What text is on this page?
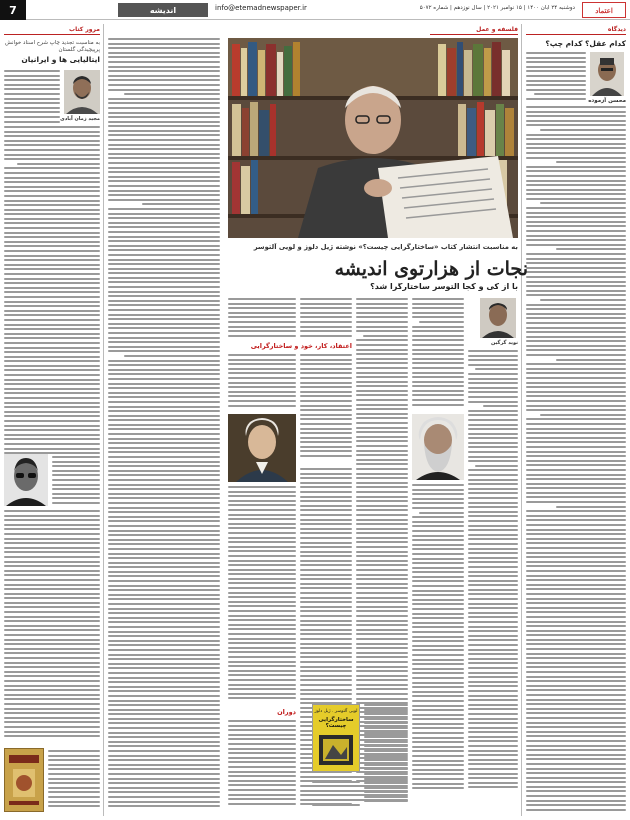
7	اندیشه	info@etemadnewspaper.ir	دوشنبه ۲۴ آبان ۱۴۰۰ | ۱۵ نوامبر ۲۰۲۱ | سال نوزدهم | شماره ۵۰۷۲	اعتماد
دیدگاه
کدام عقل؟ کدام چپ؟
محسن آزموده
فلسفه و عمل
به مناسبت انتشار کتاب «ساختارگرایی چیست؟» نوشته ژیل دلوز و لویی آلتوسر
نجات از هزارتوی اندیشه
با از کی و کجا آلتوسر ساختارگرا شد؟
نوید گرگین
اعتقاد، کار، خود و ساختارگرایی
دوران	لویی آلتوسر . ژیل دلوز
ساختارگرایی چیست؟
مرور کتاب
به مناسبت تجدید چاپ شرح اسناد خوانش پرپیچیدگی گلستان
ایتالیایی ها و ایرانیان
مجید زمان آبادی
